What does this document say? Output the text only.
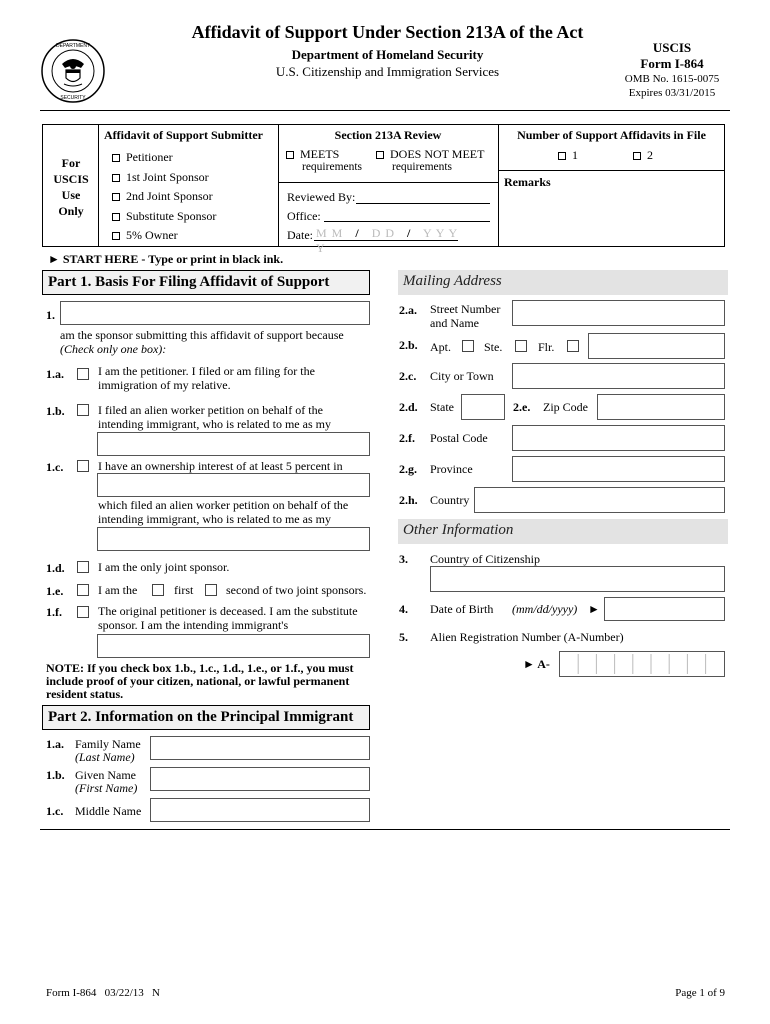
DEPARTMENT
SECURITY
Affidavit of Support Under Section 213A of the Act
Department of Homeland Security
U.S. Citizenship and Immigration Services
USCIS
Form I-864
OMB No. 1615-0075
Expires 03/31/2015
For
USCIS
Use
Only
Affidavit of Support Submitter
Petitioner
1st Joint Sponsor
2nd Joint Sponsor
Substitute Sponsor
5% Owner
Section 213A Review
MEETS
requirements
DOES NOT MEET
requirements
Reviewed By:
Office:
Date: M M / D D / Y Y Y Y
Number of Support Affidavits in File
1	2
Remarks
► START HERE - Type or print in black ink.
Part 1. Basis For Filing Affidavit of Support
1.
am the sponsor submitting this affidavit of support because
(Check only one box):
1.a.	I am the petitioner. I filed or am filing for the immigration of my relative.
1.b.	I filed an alien worker petition on behalf of the intending immigrant, who is related to me as my
1.c.	I have an ownership interest of at least 5 percent in
which filed an alien worker petition on behalf of the intending immigrant, who is related to me as my
1.d.	I am the only joint sponsor.
1.e.	I am the	first	second of two joint sponsors.
1.f.	The original petitioner is deceased. I am the substitute sponsor. I am the intending immigrant's
NOTE: If you check box 1.b., 1.c., 1.d., 1.e., or 1.f., you must include proof of your citizen, national, or lawful permanent resident status.
Part 2. Information on the Principal Immigrant
1.a. Family Name
(Last Name)
1.b. Given Name
(First Name)
1.c. Middle Name
Mailing Address
2.a. Street Number and Name
2.b. Apt.	Ste.	Flr.
2.c. City or Town
2.d. State	2.e. Zip Code
2.f. Postal Code
2.g. Province
2.h. Country
Other Information
3. Country of Citizenship
4. Date of Birth (mm/dd/yyyy) ►
5. Alien Registration Number (A-Number)
► A-
Form I-864   03/22/13   N	Page 1 of 9
